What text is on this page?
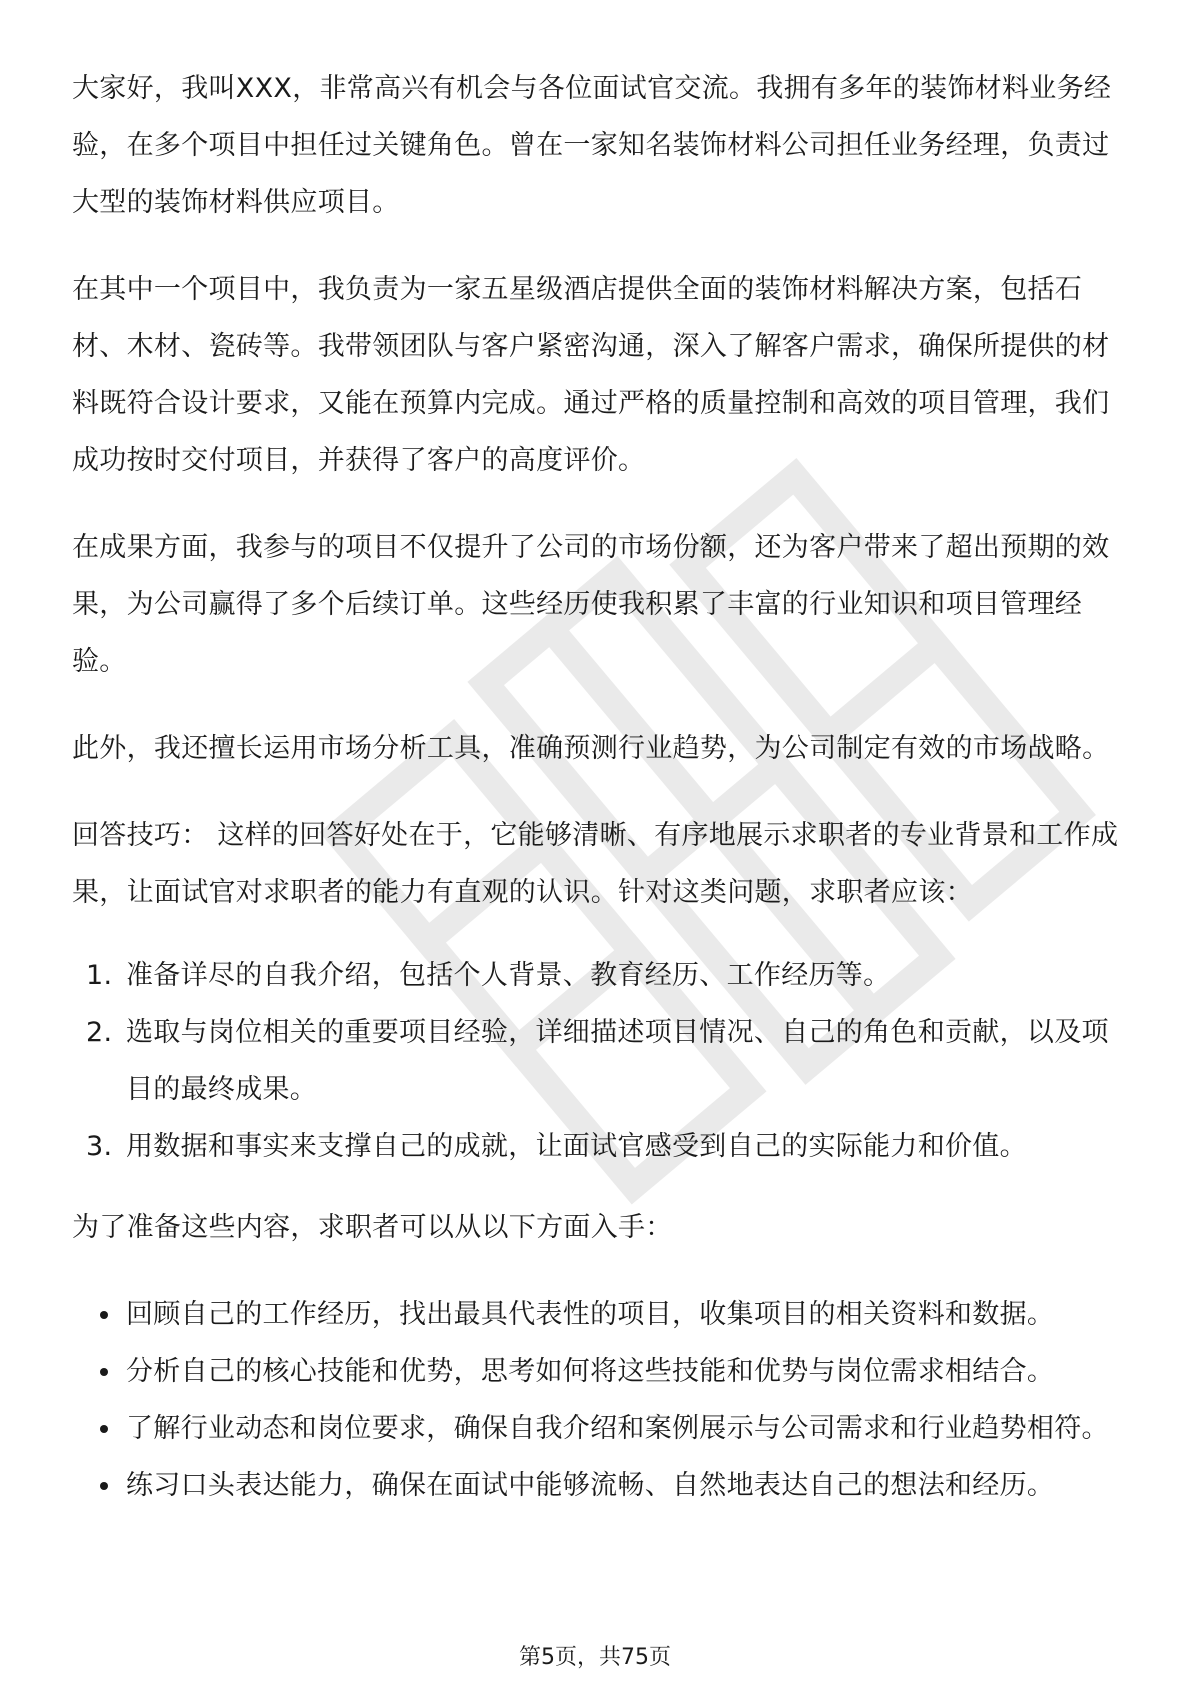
大家好，我叫XXX，非常高兴有机会与各位面试官交流。我拥有多年的装饰材料业务经验，在多个项目中担任过关键角色。曾在一家知名装饰材料公司担任业务经理，负责过大型的装饰材料供应项目。

在其中一个项目中，我负责为一家五星级酒店提供全面的装饰材料解决方案，包括石材、木材、瓷砖等。我带领团队与客户紧密沟通，深入了解客户需求，确保所提供的材料既符合设计要求，又能在预算内完成。通过严格的质量控制和高效的项目管理，我们成功按时交付项目，并获得了客户的高度评价。

在成果方面，我参与的项目不仅提升了公司的市场份额，还为客户带来了超出预期的效果，为公司赢得了多个后续订单。这些经历使我积累了丰富的行业知识和项目管理经验。

此外，我还擅长运用市场分析工具，准确预测行业趋势，为公司制定有效的市场战略。

回答技巧： 这样的回答好处在于，它能够清晰、有序地展示求职者的专业背景和工作成果，让面试官对求职者的能力有直观的认识。针对这类问题，求职者应该：

1. 准备详尽的自我介绍，包括个人背景、教育经历、工作经历等。
2. 选取与岗位相关的重要项目经验，详细描述项目情况、自己的角色和贡献，以及项目的最终成果。
3. 用数据和事实来支撑自己的成就，让面试官感受到自己的实际能力和价值。

为了准备这些内容，求职者可以从以下方面入手：

回顾自己的工作经历，找出最具代表性的项目，收集项目的相关资料和数据。
分析自己的核心技能和优势，思考如何将这些技能和优势与岗位需求相结合。
了解行业动态和岗位要求，确保自我介绍和案例展示与公司需求和行业趋势相符。
练习口头表达能力，确保在面试中能够流畅、自然地表达自己的想法和经历。
第5页，共75页
